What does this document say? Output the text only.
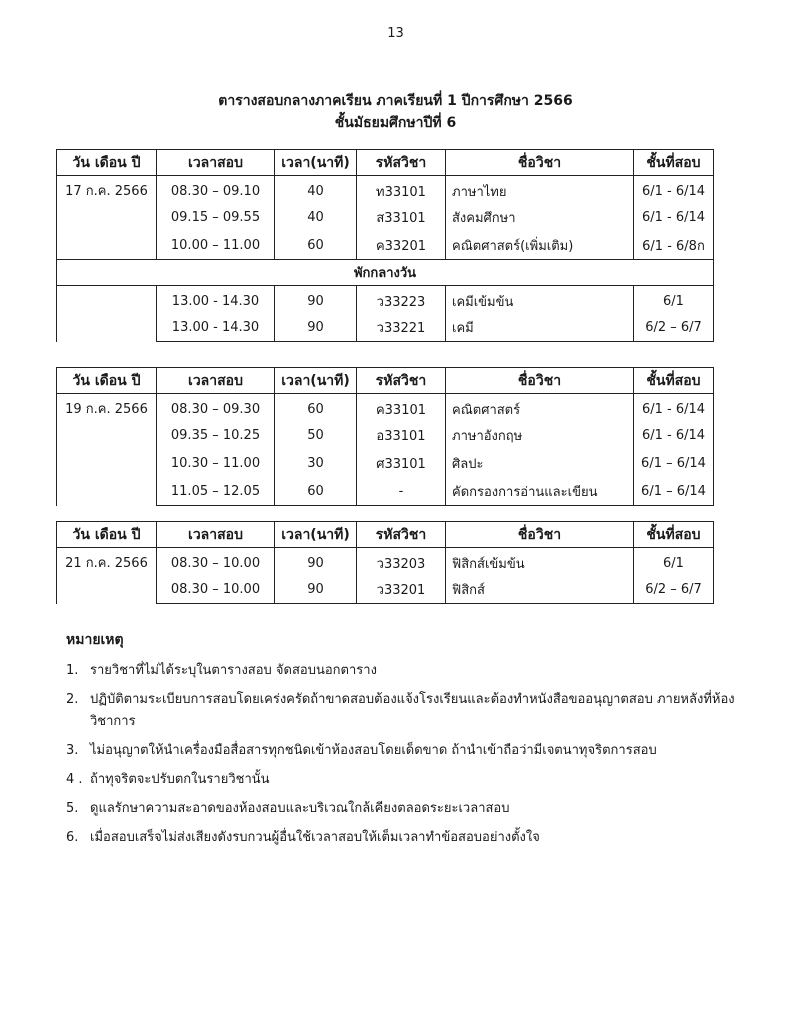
13
ตารางสอบกลางภาคเรียน ภาคเรียนที่ 1 ปีการศึกษา 2566
ชั้นมัธยมศึกษาปีที่ 6
วัน เดือน ปี	เวลาสอบ	เวลา(นาที)	รหัสวิชา	ชื่อวิชา	ชั้นที่สอบ
17 ก.ค. 2566	08.30 – 09.10	40	ท33101	ภาษาไทย	6/1 - 6/14
	09.15 – 09.55	40	ส33101	สังคมศึกษา	6/1 - 6/14
	10.00 – 11.00	60	ค33201	คณิตศาสตร์(เพิ่มเติม)	6/1 - 6/8ก
พักกลางวัน					
	13.00 - 14.30	90	ว33223	เคมีเข้มข้น	6/1
	13.00 - 14.30	90	ว33221	เคมี	6/2 – 6/7
วัน เดือน ปี	เวลาสอบ	เวลา(นาที)	รหัสวิชา	ชื่อวิชา	ชั้นที่สอบ
19 ก.ค. 2566	08.30 – 09.30	60	ค33101	คณิตศาสตร์	6/1 - 6/14
	09.35 – 10.25	50	อ33101	ภาษาอังกฤษ	6/1 - 6/14
	10.30 – 11.00	30	ศ33101	ศิลปะ	6/1 – 6/14
	11.05 – 12.05	60	-	คัดกรองการอ่านและเขียน	6/1 – 6/14
วัน เดือน ปี	เวลาสอบ	เวลา(นาที)	รหัสวิชา	ชื่อวิชา	ชั้นที่สอบ
21 ก.ค. 2566	08.30 – 10.00	90	ว33203	ฟิสิกส์เข้มข้น	6/1
	08.30 – 10.00	90	ว33201	ฟิสิกส์	6/2 – 6/7
หมายเหตุ
1. รายวิชาที่ไม่ได้ระบุในตารางสอบ จัดสอบนอกตาราง
2. ปฏิบัติตามระเบียบการสอบโดยเคร่งครัดถ้าขาดสอบต้องแจ้งโรงเรียนและต้องทำหนังสือขออนุญาตสอบ ภายหลังที่ห้องวิชาการ
3. ไม่อนุญาตให้นำเครื่องมือสื่อสารทุกชนิดเข้าห้องสอบโดยเด็ดขาด ถ้านำเข้าถือว่ามีเจตนาทุจริตการสอบ
4 . ถ้าทุจริตจะปรับตกในรายวิชานั้น
5. ดูแลรักษาความสะอาดของห้องสอบและบริเวณใกล้เคียงตลอดระยะเวลาสอบ
6. เมื่อสอบเสร็จไม่ส่งเสียงดังรบกวนผู้อื่นใช้เวลาสอบให้เต็มเวลาทำข้อสอบอย่างตั้งใจ
